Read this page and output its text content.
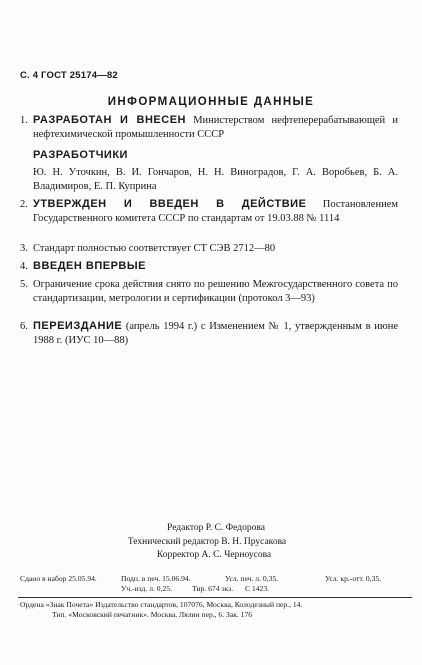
С. 4 ГОСТ 25174—82
ИНФОРМАЦИОННЫЕ ДАННЫЕ
1. РАЗРАБОТАН И ВНЕСЕН Министерством нефтеперерабатывающей и нефтехимической промышленности СССР
РАЗРАБОТЧИКИ
Ю. Н. Уточкин, В. И. Гончаров, Н. Н. Виноградов, Г. А. Воробьев, Б. А. Владимиров, Е. П. Куприна
2. УТВЕРЖДЕН И ВВЕДЕН В ДЕЙСТВИЕ Постановлением Государственного комитета СССР по стандартам от 19.03.88 № 1114
3. Стандарт полностью соответствует СТ СЭВ 2712—80
4. ВВЕДЕН ВПЕРВЫЕ
5. Ограничение срока действия снято по решению Межгосударственного совета по стандартизации, метрологии и сертификации (протокол 3—93)
6. ПЕРЕИЗДАНИЕ (апрель 1994 г.) с Изменением № 1, утвержденным в июне 1988 г. (ИУС 10—88)
Редактор Р. С. Федорова
Технический редактор В. Н. Прусакова
Корректор А. С. Черноусова
Сдано в набор 25.05.94.	Подп. в печ. 15.06.94.	Усл. печ. л. 0,35.	Усл. кр.-отт. 0,35.
Уч.-изд. л. 0,25.	Тир. 674 экз. С 1423.
Ордена «Знак Почета» Издательство стандартов, 107076, Москва, Колодезный пер., 14.
Тип. «Московский печатник». Москва, Лялин пер., 6. Зак. 176
